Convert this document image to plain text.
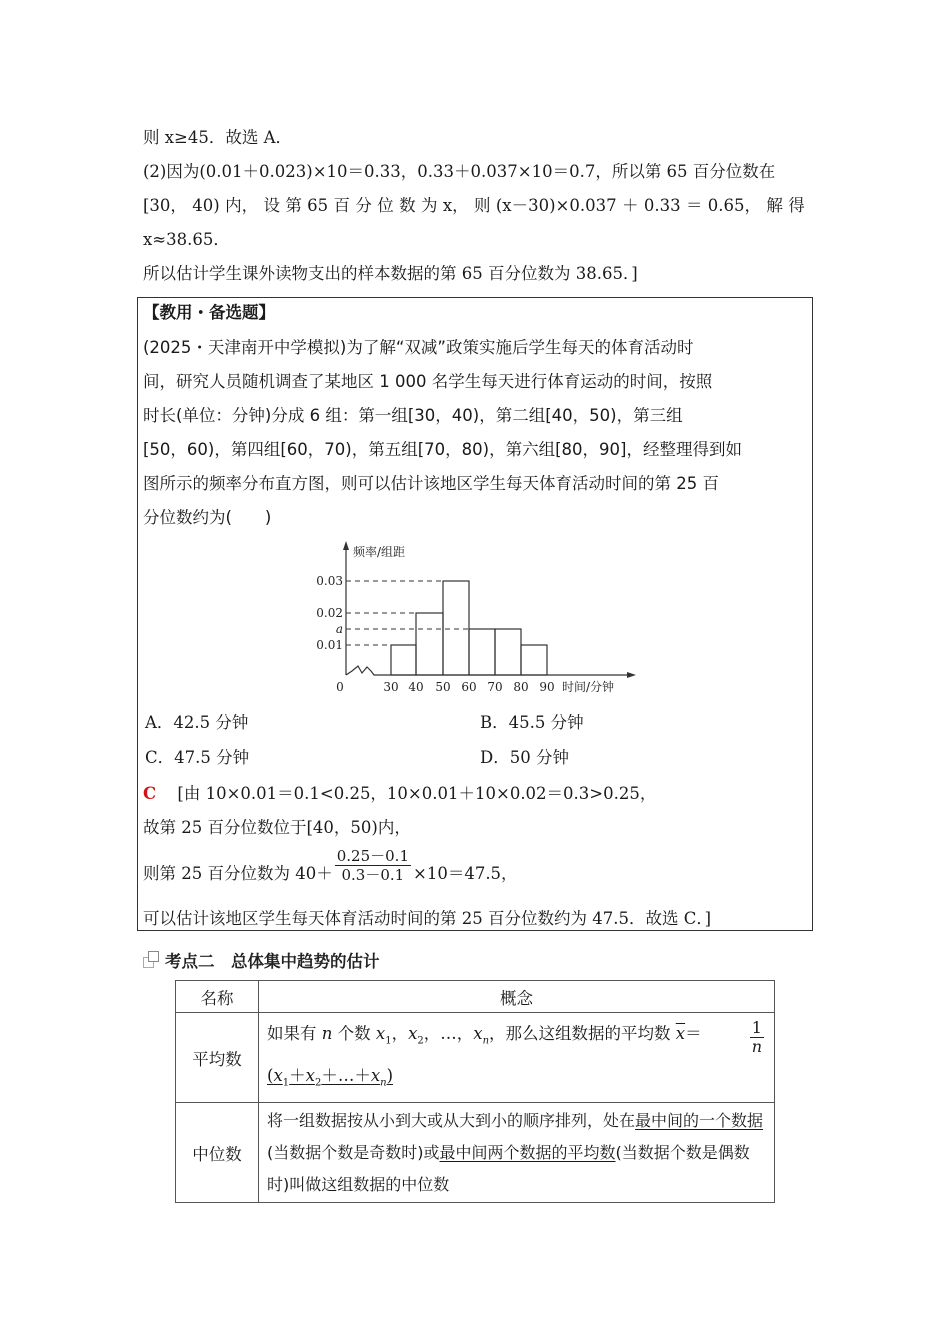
则 x≥45．故选 A．
(2)因为(0.01＋0.023)×10＝0.33，0.33＋0.037×10＝0.7，所以第 65 百分位数在
[30， 40) 内， 设 第 65 百 分 位 数 为 x， 则 (x－30)×0.037 ＋ 0.33 ＝ 0.65， 解 得
x≈38.65．
所以估计学生课外读物支出的样本数据的第 65 百分位数为 38.65．]
【教用・备选题】
(2025・天津南开中学模拟)为了解“双减”政策实施后学生每天的体育活动时
间，研究人员随机调查了某地区 1 000 名学生每天进行体育运动的时间，按照
时长(单位：分钟)分成 6 组：第一组[30，40)，第二组[40，50)，第三组
[50，60)，第四组[60，70)，第五组[70，80)，第六组[80，90]，经整理得到如
图所示的频率分布直方图，则可以估计该地区学生每天体育活动时间的第 25 百
分位数约为(　　)
频率/组距
0.03
0.02
a
0.01
0	30 40 50 60 70 80 90 时间/分钟
A．42.5 分钟	B．45.5 分钟
C．47.5 分钟	D．50 分钟
C [由 10×0.01＝0.1<0.25，10×0.01＋10×0.02＝0.3>0.25，
故第 25 百分位数位于[40，50)内，
则第 25 百分位数为 $40+ \frac{0.25-0.1}{0.3-0.1} \times 10=47.5$，
可以估计该地区学生每天体育活动时间的第 25 百分位数约为 47.5．故选 C．]
考点二　总体集中趋势的估计
名称	概念
平均数	如果有 n 个数 $x_1$，$x_2$，…，$x_n$，那么这组数据的平均数 $\overline{x}= \frac{1}{n}$
$(x_1+x_2+\dots+x_n)$

中位数	将一组数据按从小到大或从大到小的顺序排列，处在最中间的一个数据(当数据个数是奇数时)或最中间两个数据的平均数(当数据个数是偶数时)叫做这组数据的中位数
